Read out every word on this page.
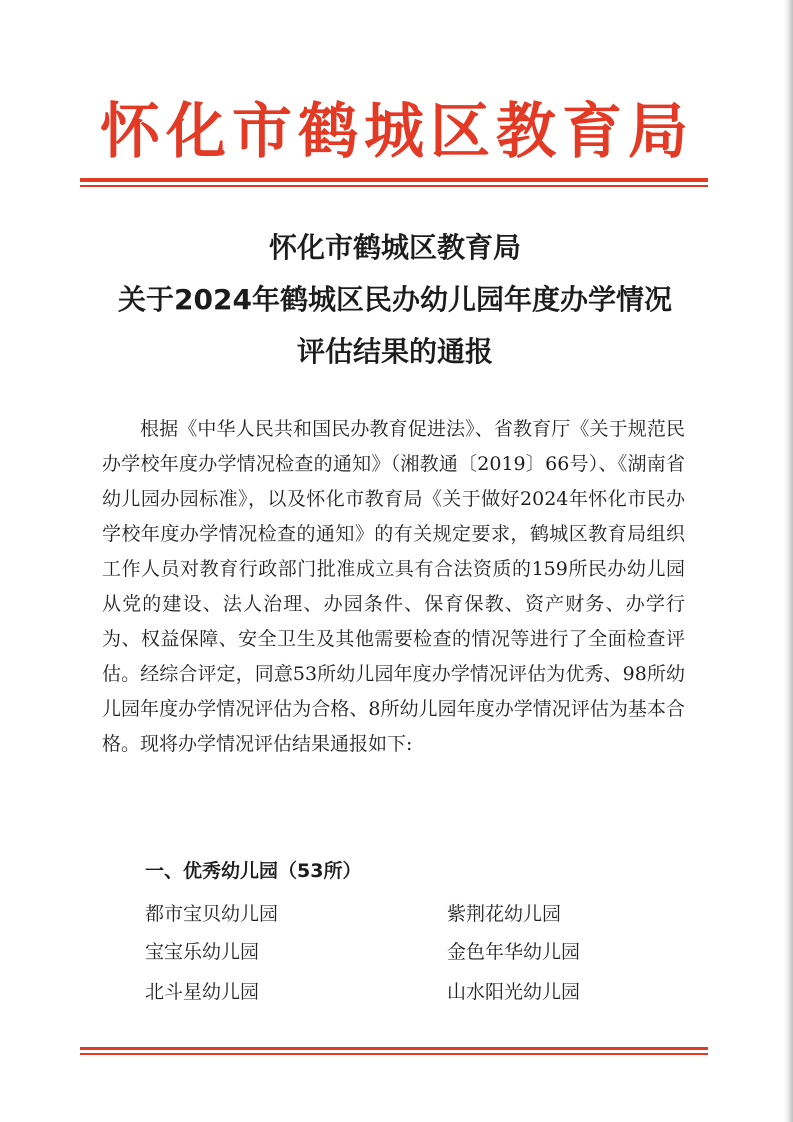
怀化市鹤城区教育局
怀化市鹤城区教育局
关于2024年鹤城区民办幼儿园年度办学情况
评估结果的通报

根据《中华人民共和国民办教育促进法》、省教育厅《关于规范民办学校年度办学情况检查的通知》（湘教通〔2019〕66号）、《湖南省幼儿园办园标准》，以及怀化市教育局《关于做好2024年怀化市民办学校年度办学情况检查的通知》的有关规定要求，鹤城区教育局组织工作人员对教育行政部门批准成立具有合法资质的159所民办幼儿园从党的建设、法人治理、办园条件、保育保教、资产财务、办学行为、权益保障、安全卫生及其他需要检查的情况等进行了全面检查评估。经综合评定，同意53所幼儿园年度办学情况评估为优秀、98所幼儿园年度办学情况评估为合格、8所幼儿园年度办学情况评估为基本合格。现将办学情况评估结果通报如下:

一、优秀幼儿园（53所）
都市宝贝幼儿园	紫荆花幼儿园
宝宝乐幼儿园	金色年华幼儿园
北斗星幼儿园	山水阳光幼儿园
